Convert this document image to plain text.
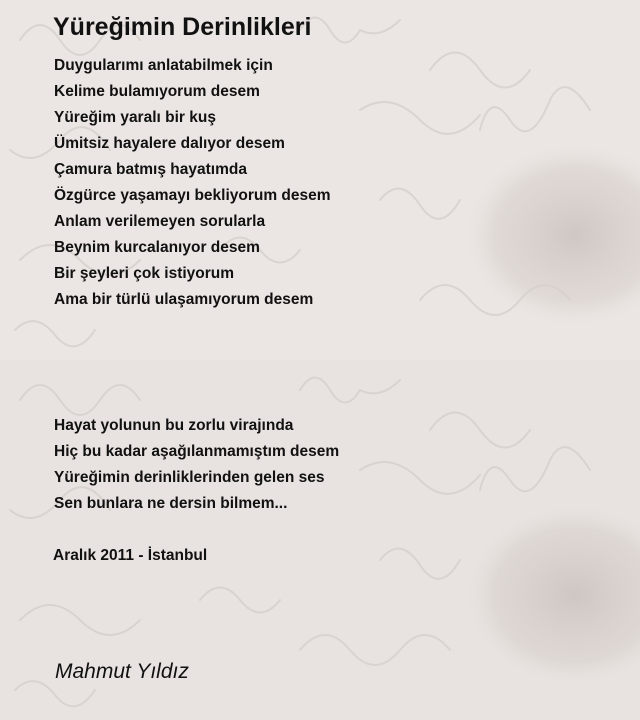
Yüreğimin Derinlikleri
Duygularımı anlatabilmek için
Kelime bulamıyorum desem
Yüreğim yaralı bir kuş
Ümitsiz hayalere dalıyor desem
Çamura batmış hayatımda
Özgürce yaşamayı bekliyorum desem
Anlam verilemeyen sorularla
Beynim kurcalanıyor desem
Bir şeyleri çok istiyorum
Ama bir türlü ulaşamıyorum desem
Hayat yolunun bu zorlu virajında
Hiç bu kadar aşağılanmamıştım desem
Yüreğimin derinliklerinden gelen ses
Sen bunlara ne dersin bilmem...
Aralık 2011 - İstanbul
Mahmut Yıldız
